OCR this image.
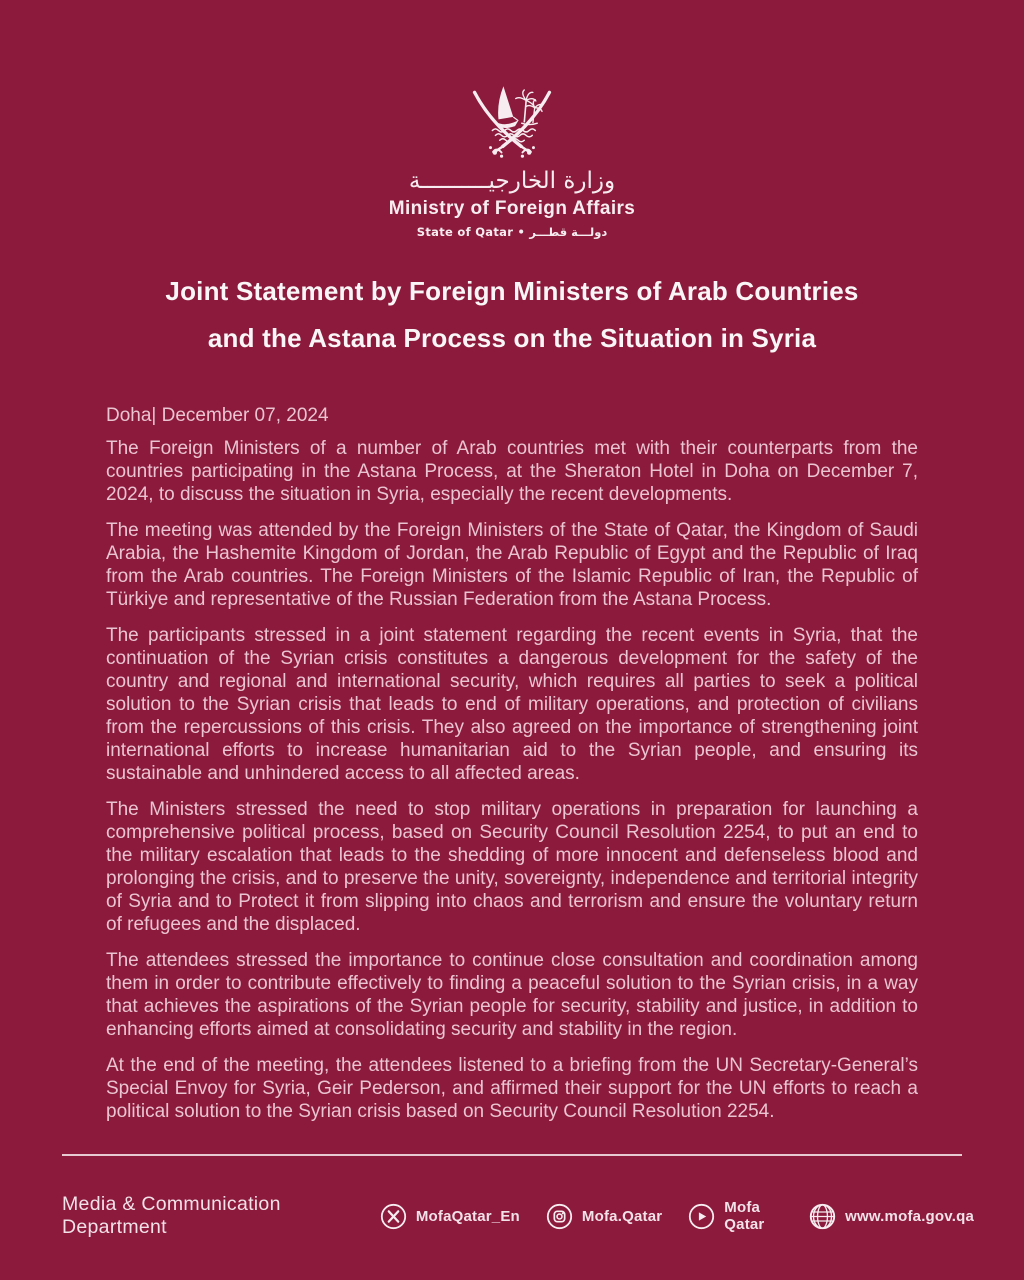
وزارة الخارجيــــــــــة
Ministry of Foreign Affairs
State of Qatar • دولـــة قطـــر
Joint Statement by Foreign Ministers of Arab Countries
and the Astana Process on the Situation in Syria
Doha| December 07, 2024

The Foreign Ministers of a number of Arab countries met with their counterparts from the countries participating in the Astana Process, at the Sheraton Hotel in Doha on December 7, 2024, to discuss the situation in Syria, especially the recent developments.

The meeting was attended by the Foreign Ministers of the State of Qatar, the Kingdom of Saudi Arabia, the Hashemite Kingdom of Jordan, the Arab Republic of Egypt and the Republic of Iraq from the Arab countries. The Foreign Ministers of the Islamic Republic of Iran, the Republic of Türkiye and representative of the Russian Federation from the Astana Process.

The participants stressed in a joint statement regarding the recent events in Syria, that the continuation of the Syrian crisis constitutes a dangerous development for the safety of the country and regional and international security, which requires all parties to seek a political solution to the Syrian crisis that leads to end of military operations, and protection of civilians from the repercussions of this crisis. They also agreed on the importance of strengthening joint international efforts to increase humanitarian aid to the Syrian people, and ensuring its sustainable and unhindered access to all affected areas.

The Ministers stressed the need to stop military operations in preparation for launching a comprehensive political process, based on Security Council Resolution 2254, to put an end to the military escalation that leads to the shedding of more innocent and defenseless blood and prolonging the crisis, and to preserve the unity, sovereignty, independence and territorial integrity of Syria and to Protect it from slipping into chaos and terrorism and ensure the voluntary return of refugees and the displaced.

The attendees stressed the importance to continue close consultation and coordination among them in order to contribute effectively to finding a peaceful solution to the Syrian crisis, in a way that achieves the aspirations of the Syrian people for security, stability and justice, in addition to enhancing efforts aimed at consolidating security and stability in the region.

At the end of the meeting, the attendees listened to a briefing from the UN Secretary-General’s Special Envoy for Syria, Geir Pederson, and affirmed their support for the UN efforts to reach a political solution to the Syrian crisis based on Security Council Resolution 2254.

Media & Communication Department	MofaQatar_En	Mofa.Qatar	Mofa Qatar	www.mofa.gov.qa
